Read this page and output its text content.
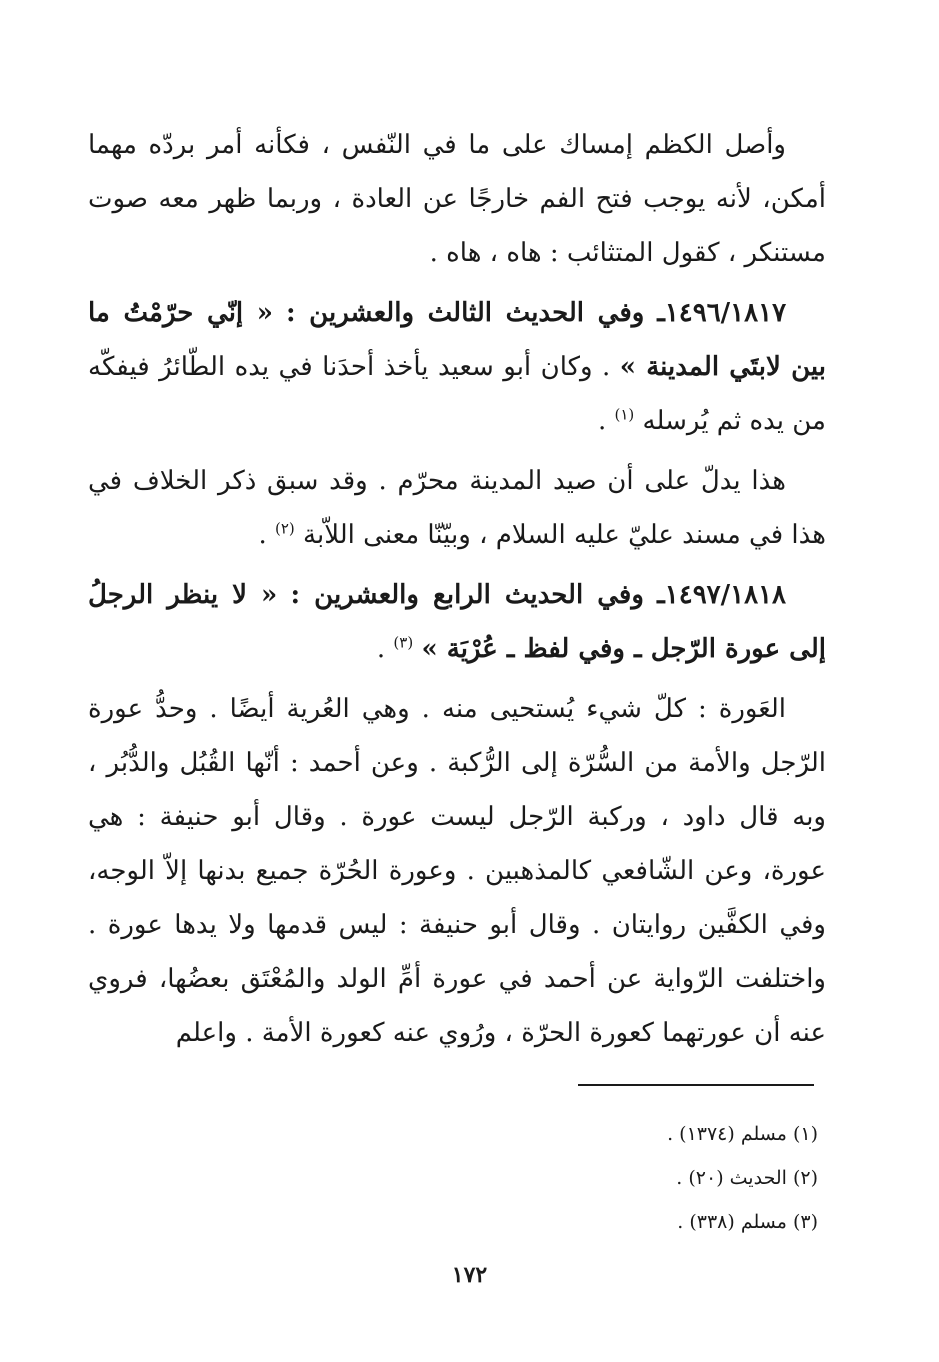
وأصل الكظم إمساك على ما في النّفس ، فكأنه أمر بردّه مهما أمكن، لأنه يوجب فتح الفم خارجًا عن العادة ، وربما ظهر معه صوت مستنكر ، كقول المتثائب : هاه ، هاه .

١٤٩٦/١٨١٧ـ وفي الحديث الثالث والعشرين : « إنّي حرّمْتُ ما بين لابتَي المدينة » . وكان أبو سعيد يأخذ أحدَنا في يده الطّائرُ فيفكّه من يده ثم يُرسله $^{(١)}$ .

هذا يدلّ على أن صيد المدينة محرّم . وقد سبق ذكر الخلاف في هذا في مسند عليّ عليه السلام ، وبيّنّا معنى اللاّبة $^{(٢)}$ .

١٤٩٧/١٨١٨ـ وفي الحديث الرابع والعشرين : « لا ينظر الرجلُ إلى عورة الرّجل ـ وفي لفظ ـ عُرْيَة » $^{(٣)}$ .

العَورة : كلّ شيء يُستحيى منه . وهي العُرية أيضًا . وحدُّ عورة الرّجل والأمة من السُّرّة إلى الرُّكبة . وعن أحمد : أنّها القُبُل والدُّبُر ، وبه قال داود ، وركبة الرّجل ليست عورة . وقال أبو حنيفة : هي عورة، وعن الشّافعي كالمذهبين . وعورة الحُرّة جميع بدنها إلاّ الوجه، وفي الكفَّين روايتان . وقال أبو حنيفة : ليس قدمها ولا يدها عورة . واختلفت الرّواية عن أحمد في عورة أمِّ الولد والمُعْتَق بعضُها، فروي عنه أن عورتهما كعورة الحرّة ، ورُوي عنه كعورة الأمة . واعلم

(١) مسلم (١٣٧٤) .
(٢) الحديث (٢٠) .
(٣) مسلم (٣٣٨) .
١٧٢
